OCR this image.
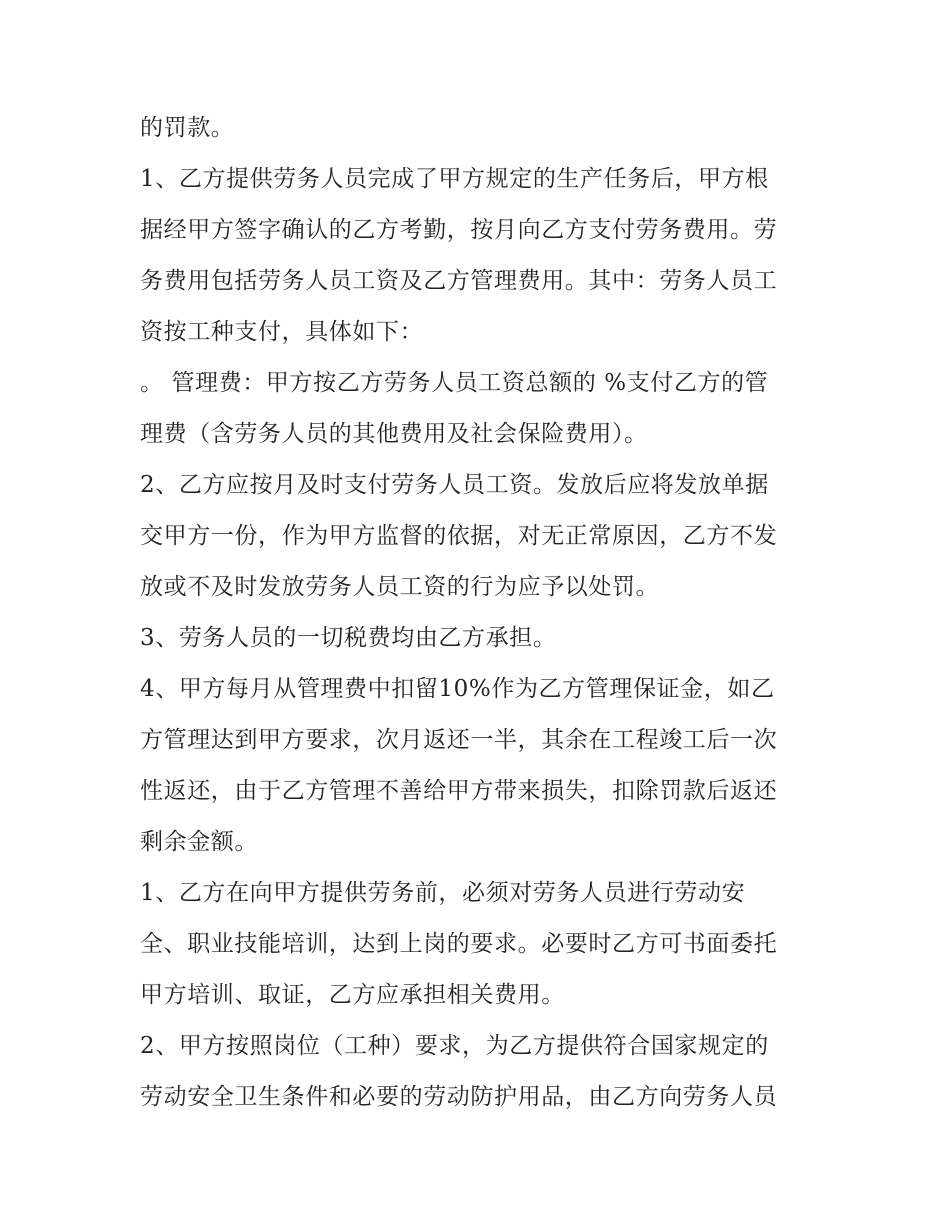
的罚款。
1、乙方提供劳务人员完成了甲方规定的生产任务后，甲方根
据经甲方签字确认的乙方考勤，按月向乙方支付劳务费用。劳
务费用包括劳务人员工资及乙方管理费用。其中：劳务人员工
资按工种支付，具体如下：
。 管理费：甲方按乙方劳务人员工资总额的 %支付乙方的管
理费（含劳务人员的其他费用及社会保险费用）。
2、乙方应按月及时支付劳务人员工资。发放后应将发放单据
交甲方一份，作为甲方监督的依据，对无正常原因，乙方不发
放或不及时发放劳务人员工资的行为应予以处罚。
3、劳务人员的一切税费均由乙方承担。
4、甲方每月从管理费中扣留10%作为乙方管理保证金，如乙
方管理达到甲方要求，次月返还一半，其余在工程竣工后一次
性返还，由于乙方管理不善给甲方带来损失，扣除罚款后返还
剩余金额。
1、乙方在向甲方提供劳务前，必须对劳务人员进行劳动安
全、职业技能培训，达到上岗的要求。必要时乙方可书面委托
甲方培训、取证，乙方应承担相关费用。
2、甲方按照岗位（工种）要求，为乙方提供符合国家规定的
劳动安全卫生条件和必要的劳动防护用品，由乙方向劳务人员
